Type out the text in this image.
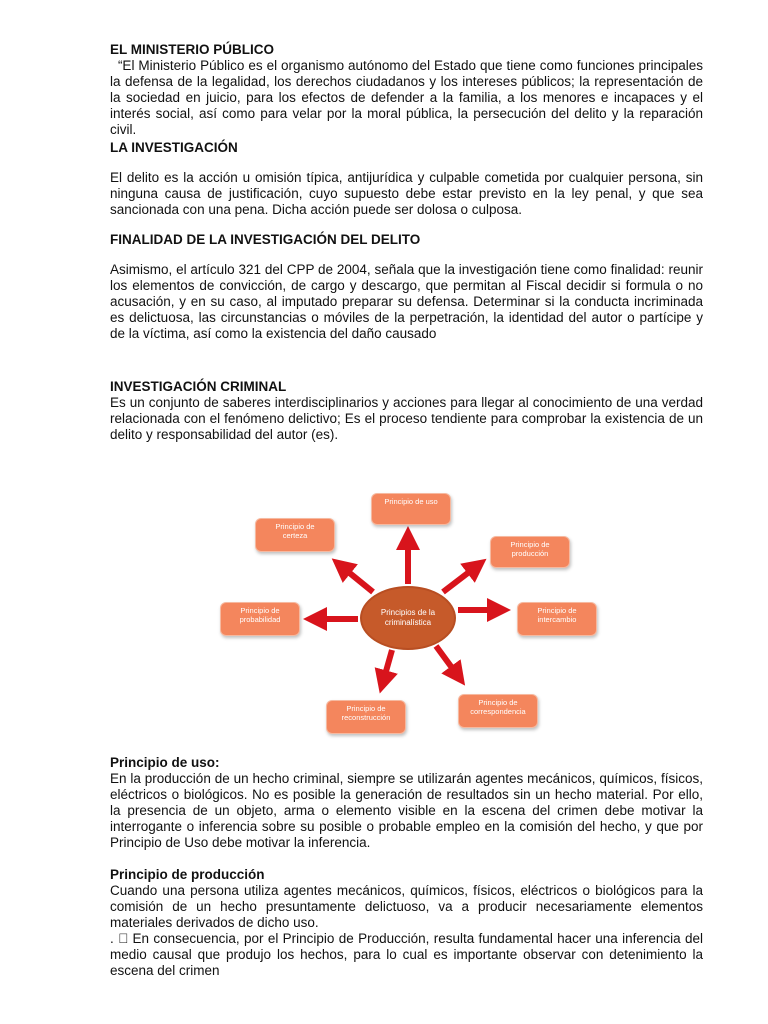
EL MINISTERIO PÚBLICO

“El Ministerio Público es el organismo autónomo del Estado que tiene como funciones principales la defensa de la legalidad, los derechos ciudadanos y los intereses públicos; la representación de la sociedad en juicio, para los efectos de defender a la familia, a los menores e incapaces y el interés social, así como para velar por la moral pública, la persecución del delito y la reparación civil.

LA INVESTIGACIÓN

El delito es la acción u omisión típica, antijurídica y culpable cometida por cualquier persona, sin ninguna causa de justificación, cuyo supuesto debe estar previsto en la ley penal, y que sea sancionada con una pena. Dicha acción puede ser dolosa o culposa.

FINALIDAD DE LA INVESTIGACIÓN DEL DELITO

Asimismo, el artículo 321 del CPP de 2004, señala que la investigación tiene como finalidad: reunir los elementos de convicción, de cargo y descargo, que permitan al Fiscal decidir si formula o no acusación, y en su caso, al imputado preparar su defensa. Determinar si la conducta incriminada es delictuosa, las circunstancias o móviles de la perpetración, la identidad del autor o partícipe y de la víctima, así como la existencia del daño causado

INVESTIGACIÓN CRIMINAL

Es un conjunto de saberes interdisciplinarios y acciones para llegar al conocimiento de una verdad relacionada con el fenómeno delictivo; Es el proceso tendiente para comprobar la existencia de un delito y responsabilidad del autor (es).

Principios de la criminalística
Principio de uso
Principio de producción
Principio de intercambio
Principio de correspondencia
Principio de reconstrucción
Principio de probabilidad
Principio de certeza

Principio de uso:

En la producción de un hecho criminal, siempre se utilizarán agentes mecánicos, químicos, físicos, eléctricos o biológicos. No es posible la generación de resultados sin un hecho material. Por ello, la presencia de un objeto, arma o elemento visible en la escena del crimen debe motivar la interrogante o inferencia sobre su posible o probable empleo en la comisión del hecho, y que por Principio de Uso debe motivar la inferencia.

Principio de producción

Cuando una persona utiliza agentes mecánicos, químicos, físicos, eléctricos o biológicos para la comisión de un hecho presuntamente delictuoso, va a producir necesariamente elementos materiales derivados de dicho uso.

. En consecuencia, por el Principio de Producción, resulta fundamental hacer una inferencia del medio causal que produjo los hechos, para lo cual es importante observar con detenimiento la escena del crimen
